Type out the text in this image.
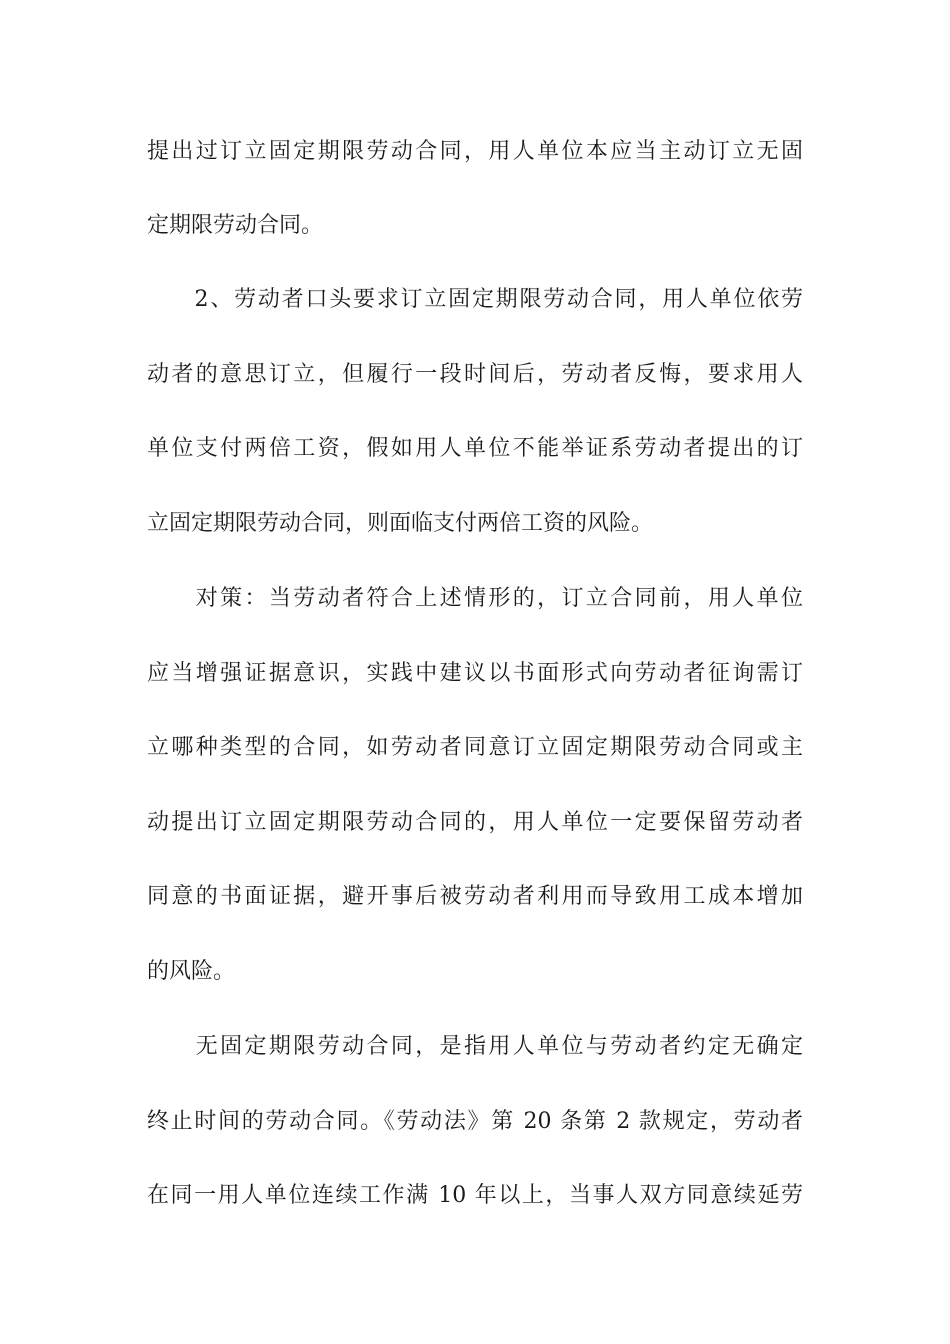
提出过订立固定期限劳动合同，用人单位本应当主动订立无固

定期限劳动合同。

　　2、劳动者口头要求订立固定期限劳动合同，用人单位依劳

动者的意思订立，但履行一段时间后，劳动者反悔，要求用人

单位支付两倍工资，假如用人单位不能举证系劳动者提出的订

立固定期限劳动合同，则面临支付两倍工资的风险。

　　对策：当劳动者符合上述情形的，订立合同前，用人单位

应当增强证据意识，实践中建议以书面形式向劳动者征询需订

立哪种类型的合同，如劳动者同意订立固定期限劳动合同或主

动提出订立固定期限劳动合同的，用人单位一定要保留劳动者

同意的书面证据，避开事后被劳动者利用而导致用工成本增加

的风险。

　　无固定期限劳动合同，是指用人单位与劳动者约定无确定

终止时间的劳动合同。《劳动法》第 20 条第 2 款规定，劳动者

在同一用人单位连续工作满 10 年以上，当事人双方同意续延劳
